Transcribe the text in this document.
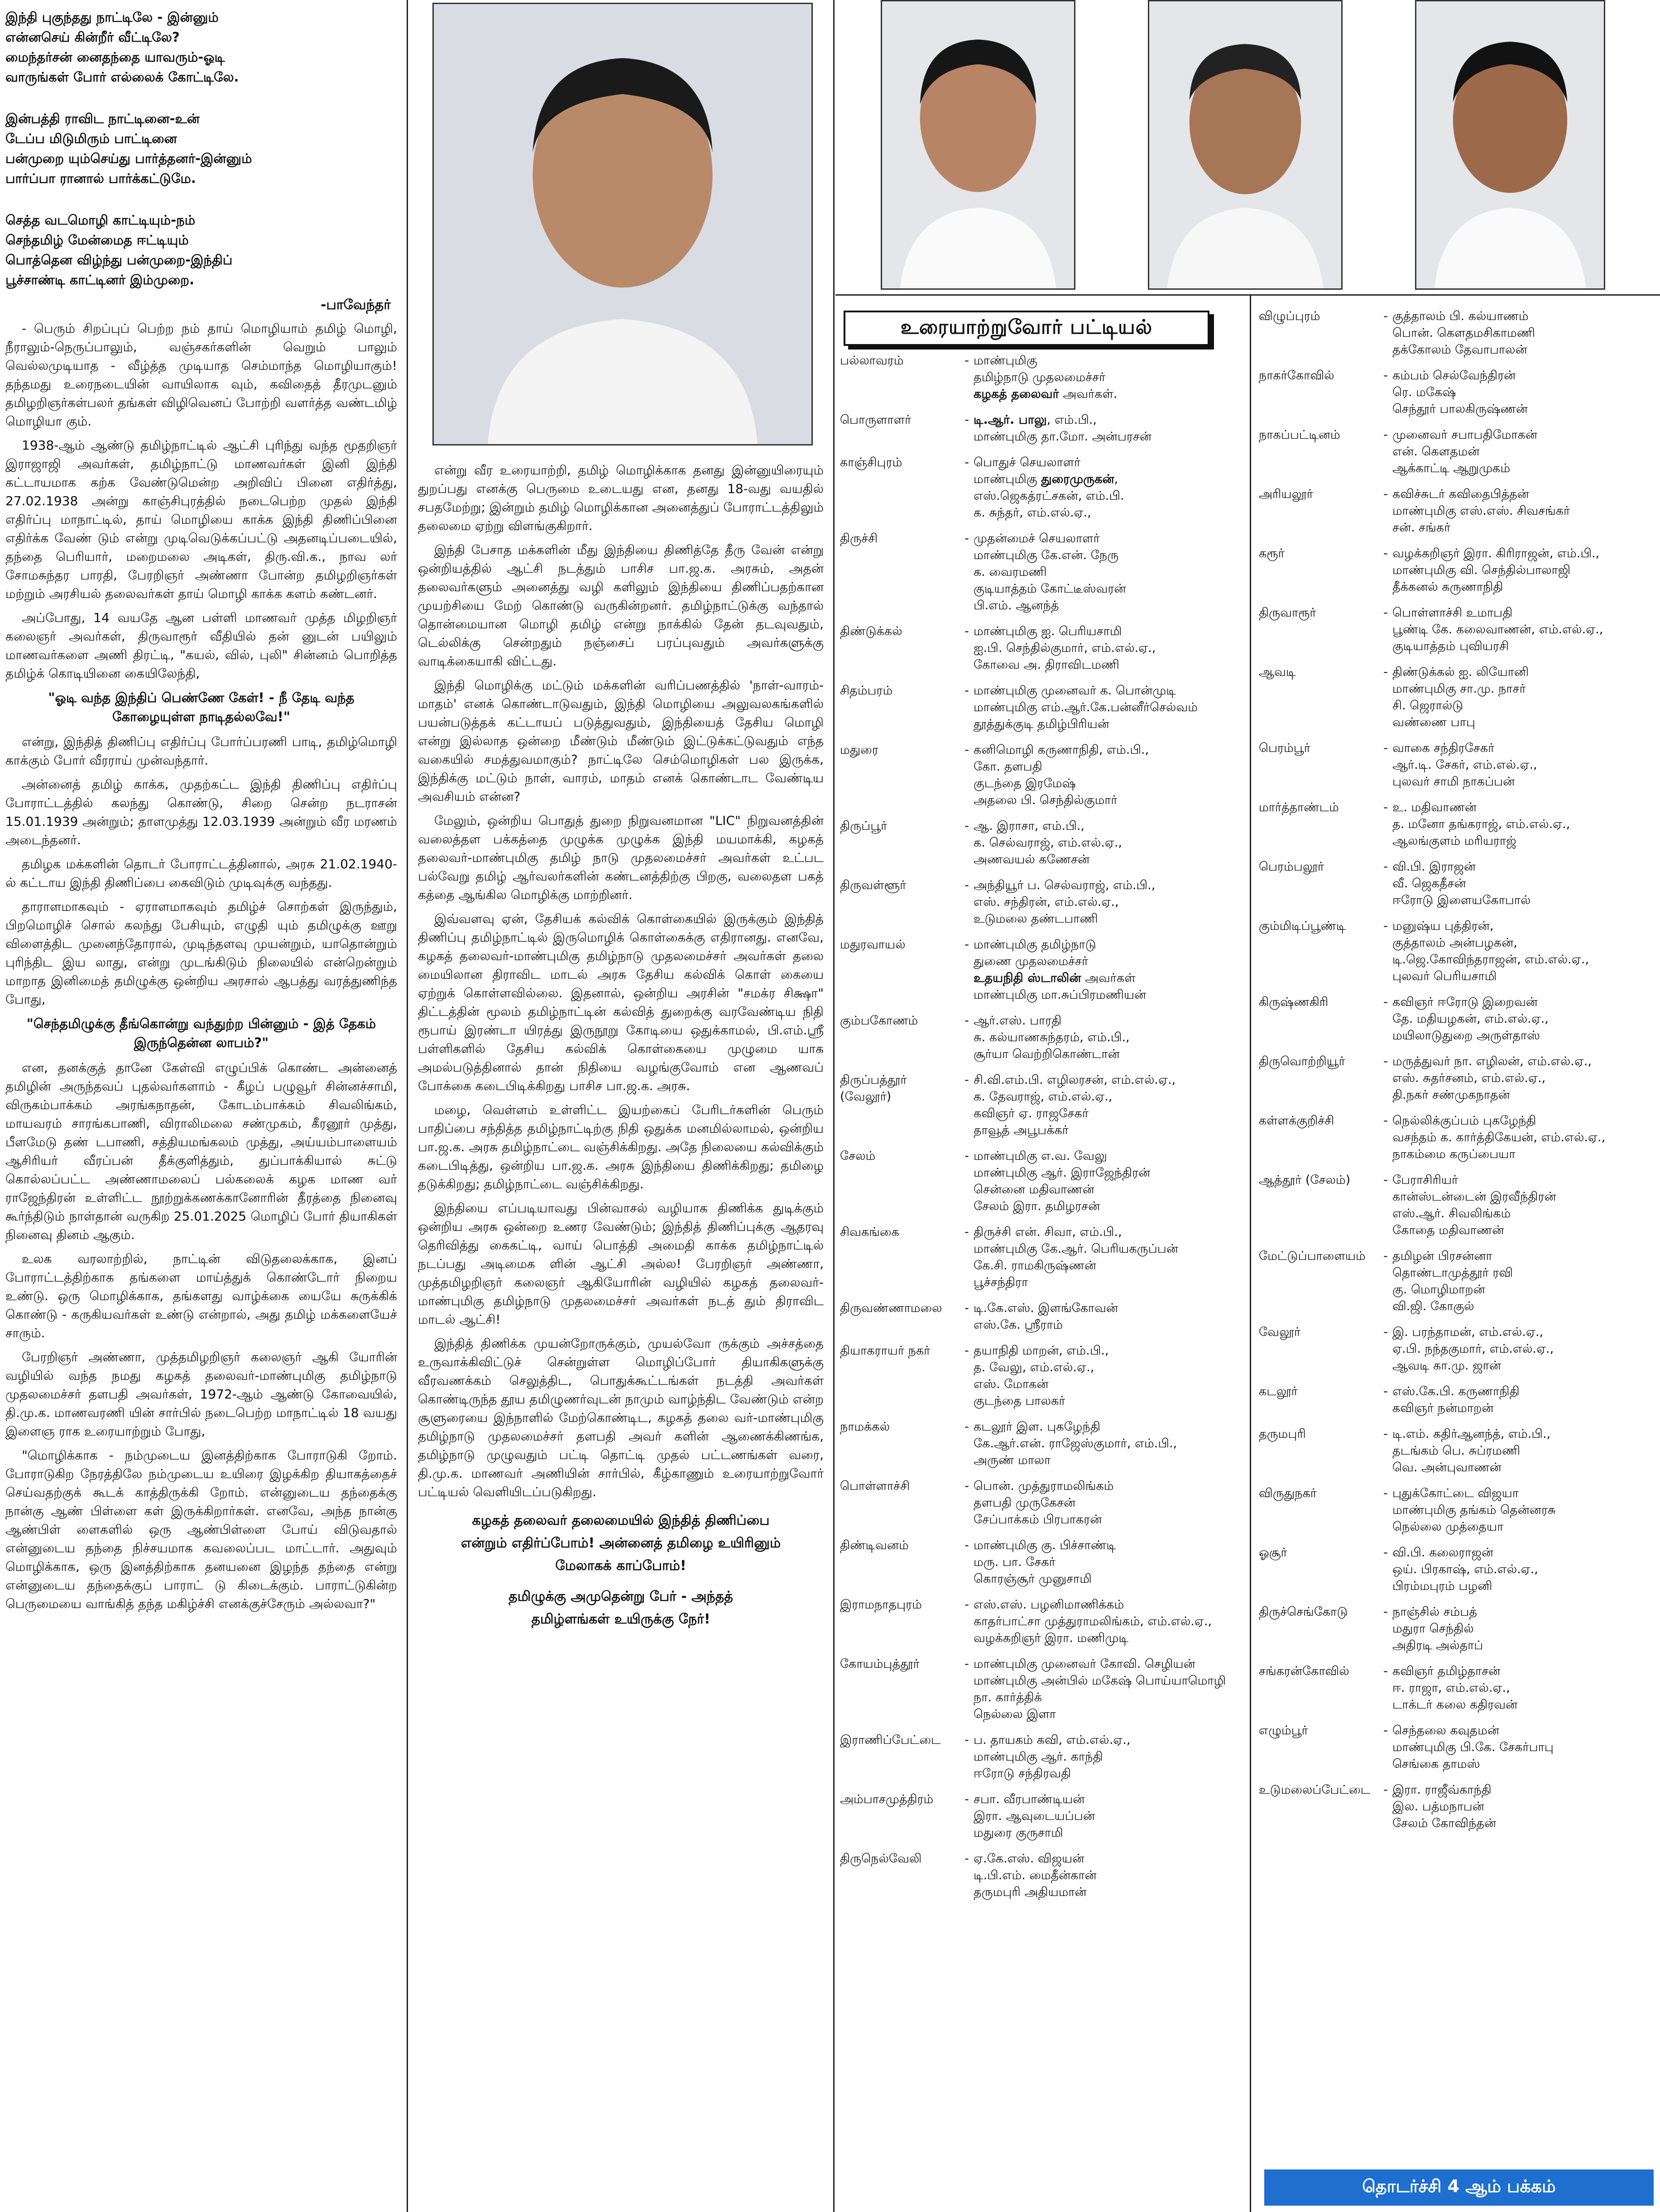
இந்தி புகுந்தது நாட்டிலே - இன்னும்
என்னசெய் கின்றீர் வீட்டிலே?
மைந்தர்சன் னைதந்தை யாவரும்-ஓடி
வாருங்கள் போர் எல்லைக் கோட்டிலே.

இன்பத்தி ராவிட நாட்டினை-உன்
டேப்ப மிடுமிரும் பாட்டினை
பன்முறை யும்செய்து பார்த்தனர்-இன்னும்
பார்ப்பா ரானால் பார்க்கட்டுமே.

செத்த வடமொழி காட்டியும்-நம்
செந்தமிழ் மேன்மைத ஈட்டியும்
பொத்தென விழ்ந்து பன்முறை-இந்திப்
பூச்சாண்டி காட்டினர் இம்முறை.

-பாவேந்தர்

- பெரும் சிறப்புப் பெற்ற நம் தாய் மொழியாம் தமிழ் மொழி, நீராலும்-நெருப்பாலும், வஞ்சகர்களின் வெறும் பாலும் வெல்லமுடியாத - வீழ்த்த முடியாத செம்மாந்த மொழியாகும்! தந்தமது உரைநடையின் வாயிலாக வும், கவிதைத் தீரமுடனும் தமிழறிஞர்கள்பலர் தங்கள் விழிவெனப் போற்றி வளர்த்த வண்டமிழ் மொழியா கும்.

1938-ஆம் ஆண்டு தமிழ்நாட்டில் ஆட்சி புரிந்து வந்த மூதறிஞர் இராஜாஜி அவர்கள், தமிழ்நாட்டு மாணவர்கள் இனி இந்தி கட்டாயமாக கற்க வேண்டுமென்ற அறிவிப் பினை எதிர்த்து, 27.02.1938 அன்று காஞ்சிபுரத்தில் நடைபெற்ற முதல் இந்தி எதிர்ப்பு மாநாட்டில், தாய் மொழியை காக்க இந்தி திணிப்பினை எதிர்க்க வேண் டும் என்று முடிவெடுக்கப்பட்டு அதனடிப்படையில், தந்தை பெரியார், மறைமலை அடிகள், திரு.வி.க., நாவ லர் சோமசுந்தர பாரதி, பேரறிஞர் அண்ணா போன்ற தமிழறிஞர்கள் மற்றும் அரசியல் தலைவர்கள் தாய் மொழி காக்க களம் கண்டனர்.

அப்போது, 14 வயதே ஆன பள்ளி மாணவர் முத்த மிழறிஞர் கலைஞர் அவர்கள், திருவாரூர் வீதியில் தன் னுடன் பயிலும் மாணவர்களை அணி திரட்டி, "கயல், வில், புலி" சின்னம் பொறித்த தமிழ்க் கொடியினை கையிலேந்தி,

"ஓடி வந்த இந்திப் பெண்ணே கேள்! - நீ தேடி வந்த கோழையுள்ள நாடிதல்லவே!"

என்று, இந்தித் திணிப்பு எதிர்ப்பு போர்ப்பரணி பாடி, தமிழ்மொழி காக்கும் போர் வீரராய் முன்வந்தார்.

அன்னைத் தமிழ் காக்க, முதற்கட்ட இந்தி திணிப்பு எதிர்ப்பு போராட்டத்தில் கலந்து கொண்டு, சிறை சென்ற நடராசன் 15.01.1939 அன்றும்; தாளமுத்து 12.03.1939 அன்றும் வீர மரணம் அடைந்தனர்.

தமிழக மக்களின் தொடர் போராட்டத்தினால், அரசு 21.02.1940-ல் கட்டாய இந்தி திணிப்பை கைவிடும் முடிவுக்கு வந்தது.

தாராளமாகவும் - ஏராளமாகவும் தமிழ்ச் சொற்கள் இருந்தும், பிறமொழிச் சொல் கலந்து பேசியும், எழுதி யும் தமிழுக்கு ஊறு விளைத்திட முனைந்தோரால், முடிந்தளவு முயன்றும், யாதொன்றும் புரிந்திட இய லாது, என்று முடங்கிடும் நிலையில் என்றென்றும் மாறாத இனிமைத் தமிழுக்கு ஒன்றிய அரசால் ஆபத்து வரத்துணிந்த போது,

"செந்தமிழுக்கு தீங்கொன்று வந்துற்ற பின்னும் - இத் தேகம் இருந்தென்ன லாபம்?"

என, தனக்குத் தானே கேள்வி எழுப்பிக் கொண்ட அன்னைத் தமிழின் அருந்தவப் புதல்வர்களாம் - கீழப் பழுவூர் சின்னச்சாமி, விருகம்பாக்கம் அரங்கநாதன், கோடம்பாக்கம் சிவலிங்கம், மாயவரம் சாரங்கபாணி, விராலிமலை சண்முகம், கீரனூர் முத்து, பீளமேடு தண் டபாணி, சத்தியமங்கலம் முத்து, அய்யம்பாளையம் ஆசிரியர் வீரப்பன் தீக்குளித்தும், துப்பாக்கியால் சுட்டு கொல்லப்பட்ட அண்ணாமலைப் பல்கலைக் கழக மாண வர் ராஜேந்திரன் உள்ளிட்ட நூற்றுக்கணக்கானோரின் தீரத்தை நினைவு கூர்ந்திடும் நாள்தான் வருகிற 25.01.2025 மொழிப் போர் தியாகிகள் நினைவு தினம் ஆகும்.

உலக வரலாற்றில், நாட்டின் விடுதலைக்காக, இனப் போராட்டத்திற்காக தங்களை மாய்த்துக் கொண்டோர் நிறைய உண்டு. ஒரு மொழிக்காக, தங்களது வாழ்க்கை யையே சுருக்கிக் கொண்டு - கருகியவர்கள் உண்டு என்றால், அது தமிழ் மக்களையேச் சாரும்.

பேரறிஞர் அண்ணா, முத்தமிழறிஞர் கலைஞர் ஆகி யோரின் வழியில் வந்த நமது கழகத் தலைவர்-மாண்புமிகு தமிழ்நாடு முதலமைச்சர் தளபதி அவர்கள், 1972-ஆம் ஆண்டு கோவையில், தி.மு.க. மாணவரணி யின் சார்பில் நடைபெற்ற மாநாட்டில் 18 வயது இளைஞ ராக உரையாற்றும் போது,

"மொழிக்காக - நம்முடைய இனத்திற்காக போராடுகி றோம். போராடுகிற நேரத்திலே நம்முடைய உயிரை இழக்கிற தியாகத்தைச் செய்வதற்குக் கூடக் காத்திருக்கி றோம். என்னுடைய தந்தைக்கு நான்கு ஆண் பிள்ளை கள் இருக்கிறார்கள். எனவே, அந்த நான்கு ஆண்பிள் ளைகளில் ஒரு ஆண்பிள்ளை போய் விடுவதால் என்னுடைய தந்தை நிச்சயமாக கவலைப்பட மாட்டார். அதுவும் மொழிக்காக, ஒரு இனத்திற்காக தனயனை இழந்த தந்தை என்று என்னுடைய தந்தைக்குப் பாராட் டு கிடைக்கும். பாராட்டுகின்ற பெருமையை வாங்கித் தந்த மகிழ்ச்சி எனக்குச்சேரும் அல்லவா?"

என்று வீர உரையாற்றி, தமிழ் மொழிக்காக தனது இன்னுயிரையும் துறப்பது எனக்கு பெருமை உடையது என, தனது 18-வது வயதில் சபதமேற்று; இன்றும் தமிழ் மொழிக்கான அனைத்துப் போராட்டத்திலும் தலைமை ஏற்று விளங்குகிறார்.

இந்தி பேசாத மக்களின் மீது இந்தியை திணித்தே தீரு வேன் என்று ஒன்றியத்தில் ஆட்சி நடத்தும் பாசிச பா.ஜ.க. அரசும், அதன் தலைவர்களும் அனைத்து வழி களிலும் இந்தியை திணிப்பதற்கான முயற்சியை மேற் கொண்டு வருகின்றனர். தமிழ்நாட்டுக்கு வந்தால் தொன்மையான மொழி தமிழ் என்று நாக்கில் தேன் தடவுவதும், டெல்லிக்கு சென்றதும் நஞ்சைப் பரப்புவதும் அவர்களுக்கு வாடிக்கையாகி விட்டது.

இந்தி மொழிக்கு மட்டும் மக்களின் வரிப்பணத்தில் 'நாள்-வாரம்-மாதம்' எனக் கொண்டாடுவதும், இந்தி மொழியை அலுவலகங்களில் பயன்படுத்தக் கட்டாயப் படுத்துவதும், இந்தியைத் தேசிய மொழி என்று இல்லாத ஒன்றை மீண்டும் மீண்டும் இட்டுக்கட்டுவதும் எந்த வகையில் சமத்துவமாகும்? நாட்டிலே செம்மொழிகள் பல இருக்க, இந்திக்கு மட்டும் நாள், வாரம், மாதம் எனக் கொண்டாட வேண்டிய அவசியம் என்ன?

மேலும், ஒன்றிய பொதுத் துறை நிறுவனமான "LIC" நிறுவனத்தின் வலைத்தள பக்கத்தை முழுக்க முழுக்க இந்தி மயமாக்கி, கழகத் தலைவர்-மாண்புமிகு தமிழ் நாடு முதலமைச்சர் அவர்கள் உட்பட பல்வேறு தமிழ் ஆர்வலர்களின் கண்டனத்திற்கு பிறகு, வலைதள பகத் கத்தை ஆங்கில மொழிக்கு மாற்றினர்.

இவ்வளவு ஏன், தேசியக் கல்விக் கொள்கையில் இருக்கும் இந்தித் திணிப்பு தமிழ்நாட்டில் இருமொழிக் கொள்கைக்கு எதிரானது. எனவே, கழகத் தலைவர்-மாண்புமிகு தமிழ்நாடு முதலமைச்சர் அவர்கள் தலை மையிலான திராவிட மாடல் அரசு தேசிய கல்விக் கொள் கையை ஏற்றுக் கொள்ளவில்லை. இதனால், ஒன்றிய அரசின் "சமக்ர சிக்ஷா" திட்டத்தின் மூலம் தமிழ்நாட்டின் கல்வித் துறைக்கு வரவேண்டிய நிதி ரூபாய் இரண்டா யிரத்து இருநூறு கோடியை ஒதுக்காமல், பி.எம்.ஸ்ரீ பள்ளிகளில் தேசிய கல்விக் கொள்கையை முழுமை யாக அமல்படுத்தினால் தான் நிதியை வழங்குவோம் என ஆணவப் போக்கை கடைபிடிக்கிறது பாசிச பா.ஜ.க. அரசு.

மழை, வெள்ளம் உள்ளிட்ட இயற்கைப் பேரிடர்களின் பெரும் பாதிப்பை சந்தித்த தமிழ்நாட்டிற்கு நிதி ஒதுக்க மனமில்லாமல், ஒன்றிய பா.ஜ.க. அரசு தமிழ்நாட்டை வஞ்சிக்கிறது. அதே நிலையை கல்விக்கும் கடைபிடித்து, ஒன்றிய பா.ஜ.க. அரசு இந்தியை திணிக்கிறது; தமிழை தடுக்கிறது; தமிழ்நாட்டை வஞ்சிக்கிறது.

இந்தியை எப்படியாவது பின்வாசல் வழியாக திணிக்க துடிக்கும் ஒன்றிய அரசு ஒன்றை உணர வேண்டும்; இந்தித் திணிப்புக்கு ஆதரவு தெரிவித்து கைகட்டி, வாய் பொத்தி அமைதி காக்க தமிழ்நாட்டில் நடப்பது அடிமைக ளின் ஆட்சி அல்ல! பேரறிஞர் அண்ணா, முத்தமிழறிஞர் கலைஞர் ஆகியோரின் வழியில் கழகத் தலைவர்-மாண்புமிகு தமிழ்நாடு முதலமைச்சர் அவர்கள் நடத் தும் திராவிட மாடல் ஆட்சி!

இந்தித் திணிக்க முயன்றோருக்கும், முயல்வோ ருக்கும் அச்சத்தை உருவாக்கிவிட்டுச் சென்றுள்ள மொழிப்போர் தியாகிகளுக்கு வீரவணக்கம் செலுத்திட, பொதுக்கூட்டங்கள் நடத்தி அவர்கள் கொண்டிருந்த தூய தமிழுணர்வுடன் நாமும் வாழ்ந்திட வேண்டும் என்ற சூளுரையை இந்நாளில் மேற்கொண்டிட, கழகத் தலை வர்-மாண்புமிகு தமிழ்நாடு முதலமைச்சர் தளபதி அவர் களின் ஆணைக்கிணங்க, தமிழ்நாடு முழுவதும் பட்டி தொட்டி முதல் பட்டணங்கள் வரை, தி.மு.க. மாணவர் அணியின் சார்பில், கீழ்காணும் உரையாற்றுவோர் பட்டியல் வெளியிடப்படுகிறது.

கழகத் தலைவர் தலைமையில் இந்தித் திணிப்பை
என்றும் எதிர்ப்போம்! அன்னைத் தமிழை உயிரினும்
மேலாகக் காப்போம்!
தமிழுக்கு அமுதென்று பேர் - அந்தத்
தமிழ்ளங்கள் உயிருக்கு நேர்!
உரையாற்றுவோர் பட்டியல்
பல்லாவரம்	- மாண்புமிகு
தமிழ்நாடு முதலமைச்சர்
கழகத் தலைவர் அவர்கள்.
பொருளாளர்	- டி.ஆர். பாலு, எம்.பி.,
மாண்புமிகு தா.மோ. அன்பரசன்
காஞ்சிபுரம்	- பொதுச் செயலாளர்
மாண்புமிகு துரைமுருகன்,
எஸ்.ஜெகத்ரட்சகன், எம்.பி.
க. சுந்தர், எம்.எல்.ஏ.,
திருச்சி	- முதன்மைச் செயலாளர்
மாண்புமிகு கே.என். நேரு
க. வைரமணி
குடியாத்தம் கோட்டீஸ்வரன்
பி.எம். ஆனந்த்
திண்டுக்கல்	- மாண்புமிகு ஐ. பெரியசாமி
ஐ.பி. செந்தில்குமார், எம்.எல்.ஏ.,
கோவை அ. திராவிடமணி
சிதம்பரம்	- மாண்புமிகு முனைவர் க. பொன்முடி
மாண்புமிகு எம்.ஆர்.கே.பன்னீர்செல்வம்
தூத்துக்குடி தமிழ்பிரியன்
மதுரை	- கனிமொழி கருணாநிதி, எம்.பி.,
கோ. தளபதி
குடந்தை இரமேஷ்
அதலை பி. செந்தில்குமார்
திருப்பூர்	- ஆ. இராசா, எம்.பி.,
க. செல்வராஜ், எம்.எல்.ஏ.,
அணவயல் கணேசன்
திருவள்ளூர்	- அந்தியூர் ப. செல்வராஜ், எம்.பி.,
எஸ். சந்திரன், எம்.எல்.ஏ.,
உடுமலை தண்டபாணி
மதுரவாயல்	- மாண்புமிகு தமிழ்நாடு
துணை முதலமைச்சர்
உதயநிதி ஸ்டாலின் அவர்கள்
மாண்புமிகு மா.சுப்பிரமணியன்
கும்பகோணம்	- ஆர்.எஸ். பாரதி
சு. கல்யாணசுந்தரம், எம்.பி.,
சூர்யா வெற்றிகொண்டான்
திருப்பத்தூர்
(வேலூர்)
- சி.வி.எம்.பி. எழிலரசன், எம்.எல்.ஏ.,
க. தேவராஜ், எம்.எல்.ஏ.,
கவிஞர் ஏ. ராஜசேகர்
தாவூத் அபூபக்கர்
சேலம்	- மாண்புமிகு எ.வ. வேலு
மாண்புமிகு ஆர். இராஜேந்திரன்
சென்னை மதிவாணன்
சேலம் இரா. தமிழரசன்
சிவகங்கை	- திருச்சி என். சிவா, எம்.பி.,
மாண்புமிகு கே.ஆர். பெரியகருப்பன்
கே.சி. ராமகிருஷ்ணன்
பூச்சந்திரா
திருவண்ணாமலை	- டி.கே.எஸ். இளங்கோவன்
எஸ்.கே. ஸ்ரீராம்
தியாகராயர் நகர்	- தயாநிதி மாறன், எம்.பி.,
த. வேலு, எம்.எல்.ஏ.,
எஸ். மோகன்
குடந்தை பாலகர்
நாமக்கல்	- கடலூர் இள. புகழேந்தி
கே.ஆர்.என். ராஜேஸ்குமார், எம்.பி.,
அருண் மாலா
பொள்ளாச்சி	- பொன். முத்துராமலிங்கம்
தளபதி முருகேசன்
சேப்பாக்கம் பிரபாகரன்
திண்டிவனம்	- மாண்புமிகு கு. பிச்சாண்டி
மரு. பா. சேகர்
கொரஞ்சூர் முனுசாமி
இராமநாதபுரம்	- எஸ்.எஸ். பழனிமாணிக்கம்
காதர்பாட்சா முத்துராமலிங்கம், எம்.எல்.ஏ.,
வழக்கறிஞர் இரா. மணிமுடி
கோயம்புத்தூர்	- மாண்புமிகு முனைவர் கோவி. செழியன்
மாண்புமிகு அன்பில் மகேஷ் பொய்யாமொழி
நா. கார்த்திக்
நெல்லை இளா
இராணிப்பேட்டை	- ப. தாயகம் கவி, எம்.எல்.ஏ.,
மாண்புமிகு ஆர். காந்தி
ஈரோடு சந்திரவதி
அம்பாசமுத்திரம்	- சபா. வீரபாண்டியன்
இரா. ஆவுடையப்பன்
மதுரை குருசாமி
திருநெல்வேலி	- ஏ.கே.எஸ். விஜயன்
டி.பி.எம். மைதீன்கான்
தருமபுரி அதியமான்
விழுப்புரம்	- குத்தாலம் பி. கல்யாணம்
பொன். கௌதமசிகாமணி
தக்கோலம் தேவாபாலன்
நாகர்கோவில்	- கம்பம் செல்வேந்திரன்
ரெ. மகேஷ்
செந்தூர் பாலகிருஷ்ணன்
நாகப்பட்டினம்	- முனைவர் சபாபதிமோகன்
என். கௌதமன்
ஆக்காட்டி ஆறுமுகம்
அரியலூர்	- கவிச்சுடர் கவிதைபித்தன்
மாண்புமிகு எஸ்.எஸ். சிவசங்கர்
சன். சங்கர்
கரூர்	- வழக்கறிஞர் இரா. கிரிராஜன், எம்.பி.,
மாண்புமிகு வி. செந்தில்பாலாஜி
தீக்கனல் கருணாநிதி
திருவாரூர்	- பொள்ளாச்சி உமாபதி
பூண்டி கே. கலைவாணன், எம்.எல்.ஏ.,
குடியாத்தம் புவியரசி
ஆவடி	- திண்டுக்கல் ஐ. லியோனி
மாண்புமிகு சா.மு. நாசர்
சி. ஜெரால்டு
வண்ணை பாபு
பெரம்பூர்	- வாகை சந்திரசேகர்
ஆர்.டி. சேகர், எம்.எல்.ஏ.,
புலவர் சாமி நாகப்பன்
மார்த்தாண்டம்	- உ. மதிவாணன்
த. மனோ தங்கராஜ், எம்.எல்.ஏ.,
ஆலங்குளம் மரியராஜ்
பெரம்பலூர்	- வி.பி. இராஜன்
வீ. ஜெகதீசன்
ஈரோடு இளையகோபால்
கும்மிடிப்பூண்டி	- மனுஷ்ய புத்திரன்,
குத்தாலம் அன்பழகன்,
டி.ஜெ.கோவிந்தராஜன், எம்.எல்.ஏ.,
புலவர் பெரியசாமி
கிருஷ்ணகிரி	- கவிஞர் ஈரோடு இறைவன்
தே. மதியழகன், எம்.எல்.ஏ.,
மயிலாடுதுறை அருள்தாஸ்
திருவொற்றியூர்	- மருத்துவர் நா. எழிலன், எம்.எல்.ஏ.,
எஸ். சுதர்சனம், எம்.எல்.ஏ.,
தி.நகர் சண்முகநாதன்
கள்ளக்குறிச்சி	- நெல்லிக்குப்பம் புகழேந்தி
வசந்தம் க. கார்த்திகேயன், எம்.எல்.ஏ.,
நாகம்மை கருப்பையா
ஆத்தூர் (சேலம்)	- பேராசிரியர்
கான்ஸ்டன்டைன் இரவீந்திரன்
எஸ்.ஆர். சிவலிங்கம்
கோதை மதிவாணன்
மேட்டுப்பாளையம்	- தமிழன் பிரசன்னா
தொண்டாமுத்தூர் ரவி
கு. மொழிமாறன்
வி.ஜி. கோகுல்
வேலூர்	- இ. பரந்தாமன், எம்.எல்.ஏ.,
ஏ.பி. நந்தகுமார், எம்.எல்.ஏ.,
ஆவடி கா.மு. ஜான்
கடலூர்	- எஸ்.கே.பி. கருணாநிதி
கவிஞர் நன்மாறன்
தருமபுரி	- டி.எம். கதிர்ஆனந்த், எம்.பி.,
தடங்கம் பெ. சுப்ரமணி
வெ. அன்புவாணன்
விருதுநகர்	- புதுக்கோட்டை விஜயா
மாண்புமிகு தங்கம் தென்னரசு
நெல்லை முத்தையா
ஓசூர்	- வி.பி. கலைராஜன்
ஒய். பிரகாஷ், எம்.எல்.ஏ.,
பிரம்மபுரம் பழனி
திருச்செங்கோடு	- நாஞ்சில் சம்பத்
மதுரா செந்தில்
அதிரடி அல்தாப்
சங்கரன்கோவில்	- கவிஞர் தமிழ்தாசன்
ஈ. ராஜா, எம்.எல்.ஏ.,
டாக்டர் கலை கதிரவன்
எழும்பூர்	- செந்தலை கவுதமன்
மாண்புமிகு பி.கே. சேகர்பாபு
செங்கை தாமஸ்
உடுமலைப்பேட்டை	- இரா. ராஜீவ்காந்தி
இல. பத்மநாபன்
சேலம் கோவிந்தன்
தொடர்ச்சி 4 ஆம் பக்கம்
